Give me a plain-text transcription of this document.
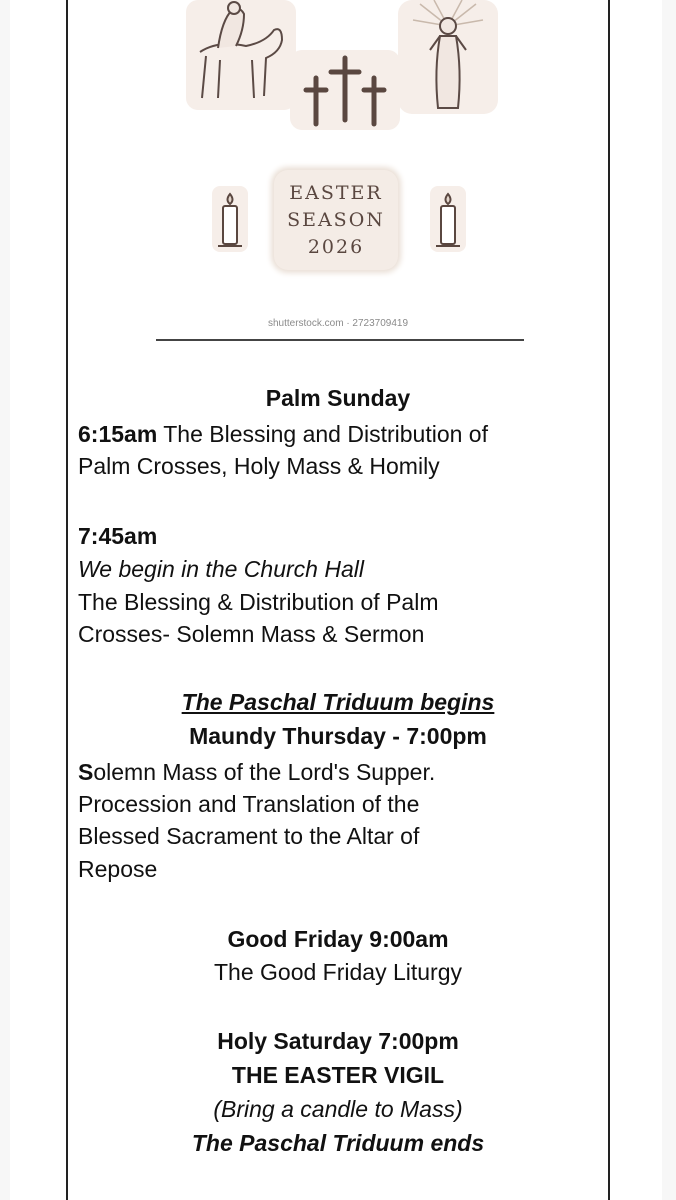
EASTER
SEASON
2026
shutterstock.com · 2723709419
Palm Sunday
6:15am The Blessing and Distribution of
Palm Crosses, Holy Mass & Homily
7:45am
We begin in the Church Hall
The Blessing & Distribution of Palm
Crosses- Solemn Mass & Sermon
The Paschal Triduum begins
Maundy Thursday - 7:00pm
Solemn Mass of the Lord's Supper.
Procession and Translation of the
Blessed Sacrament to the Altar of
Repose
Good Friday 9:00am
The Good Friday Liturgy
Holy Saturday 7:00pm
THE EASTER VIGIL
(Bring a candle to Mass)
The Paschal Triduum ends
